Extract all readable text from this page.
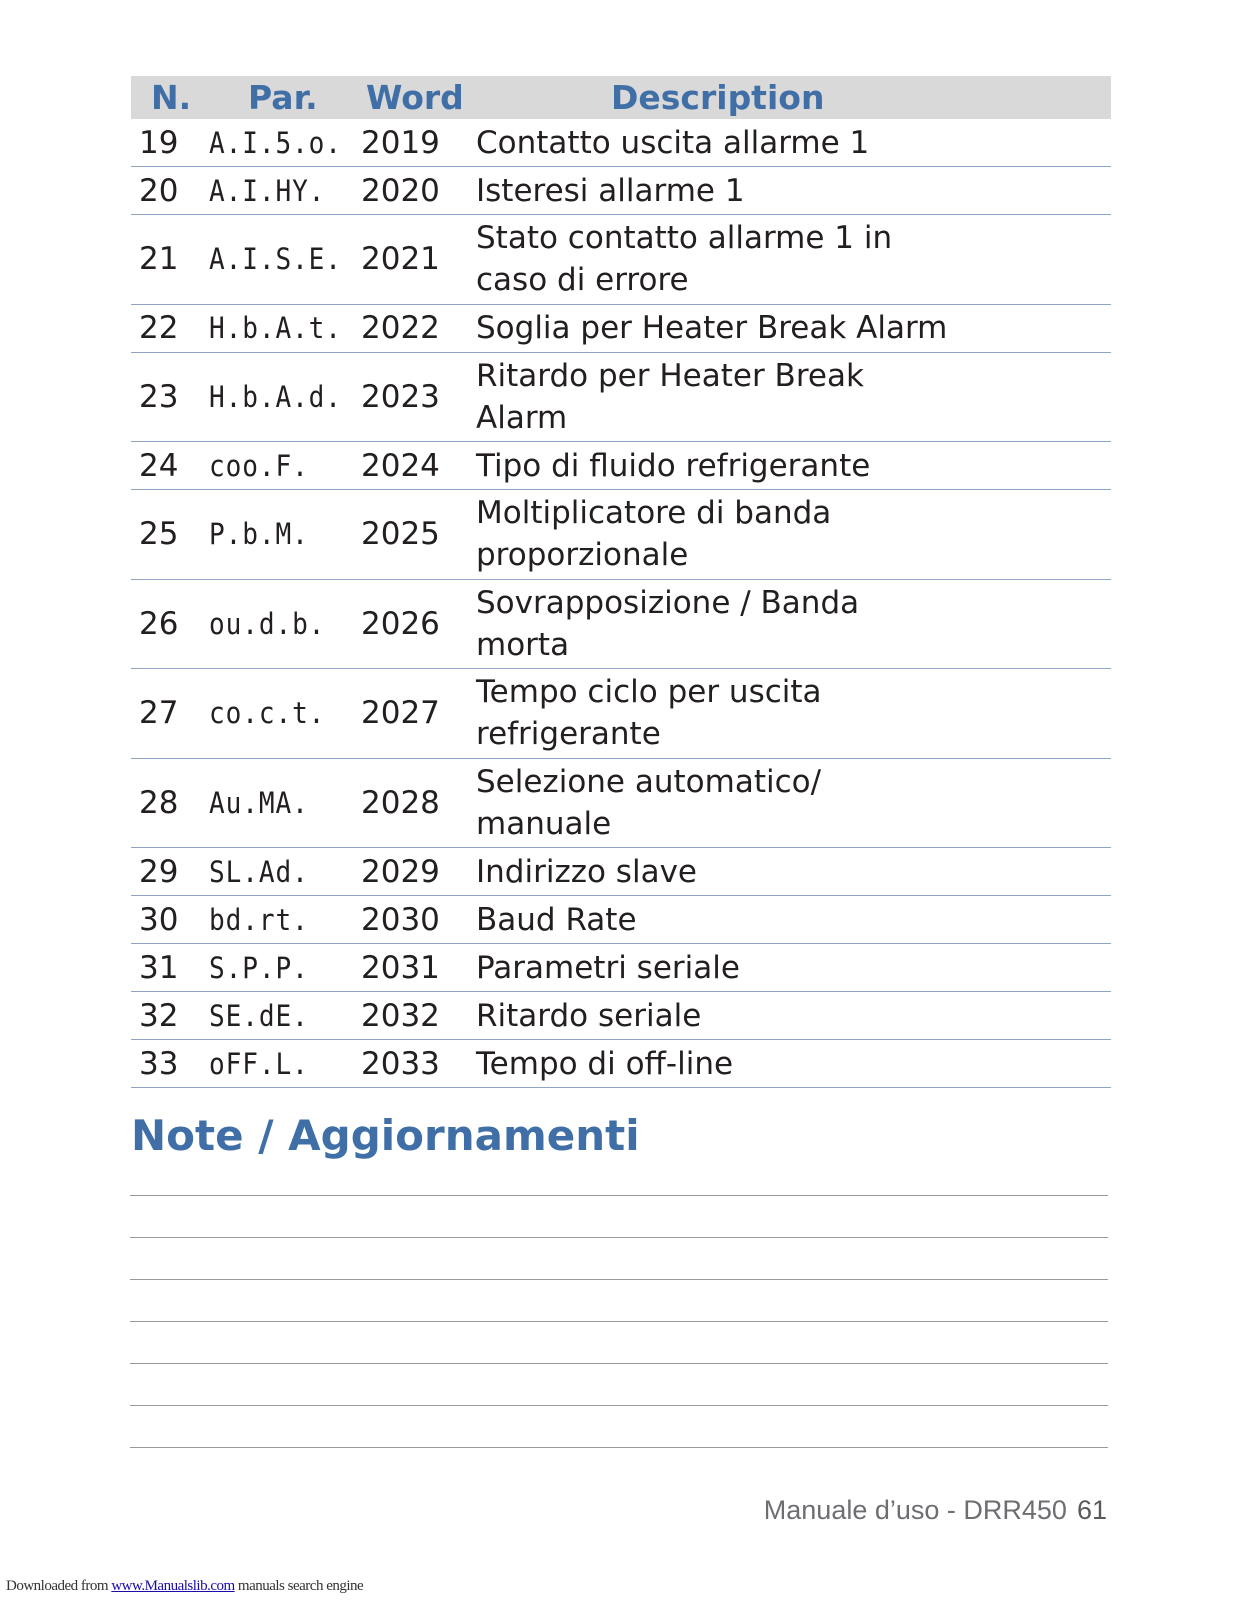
N. Par. Word	Description
19 A.I.5.o. 2019 Contatto uscita allarme 1
20 A.I.HY. 2020 Isteresi allarme 1
21 A.I.S.E. 2021
Stato contatto allarme 1 in
caso di errore
22 H.b.A.t. 2022 Soglia per Heater Break Alarm
23 H.b.A.d. 2023
Ritardo per Heater Break
Alarm
24 coo.F. 2024 Tipo di fluido refrigerante
25 P.b.M. 2025
Moltiplicatore di banda
proporzionale
26 ou.d.b. 2026
Sovrapposizione / Banda
morta
27 co.c.t. 2027
Tempo ciclo per uscita
refrigerante
28 Au.MA. 2028
Selezione automatico/
manuale
29 SL.Ad. 2029 Indirizzo slave
30 bd.rt. 2030 Baud Rate
31 S.P.P. 2031 Parametri seriale
32 SE.dE. 2032 Ritardo seriale
33 oFF.L. 2033 Tempo di off-line
Note / Aggiornamenti
Manuale d’uso - DRR450 61
Downloaded from www.Manualslib.com manuals search engine
